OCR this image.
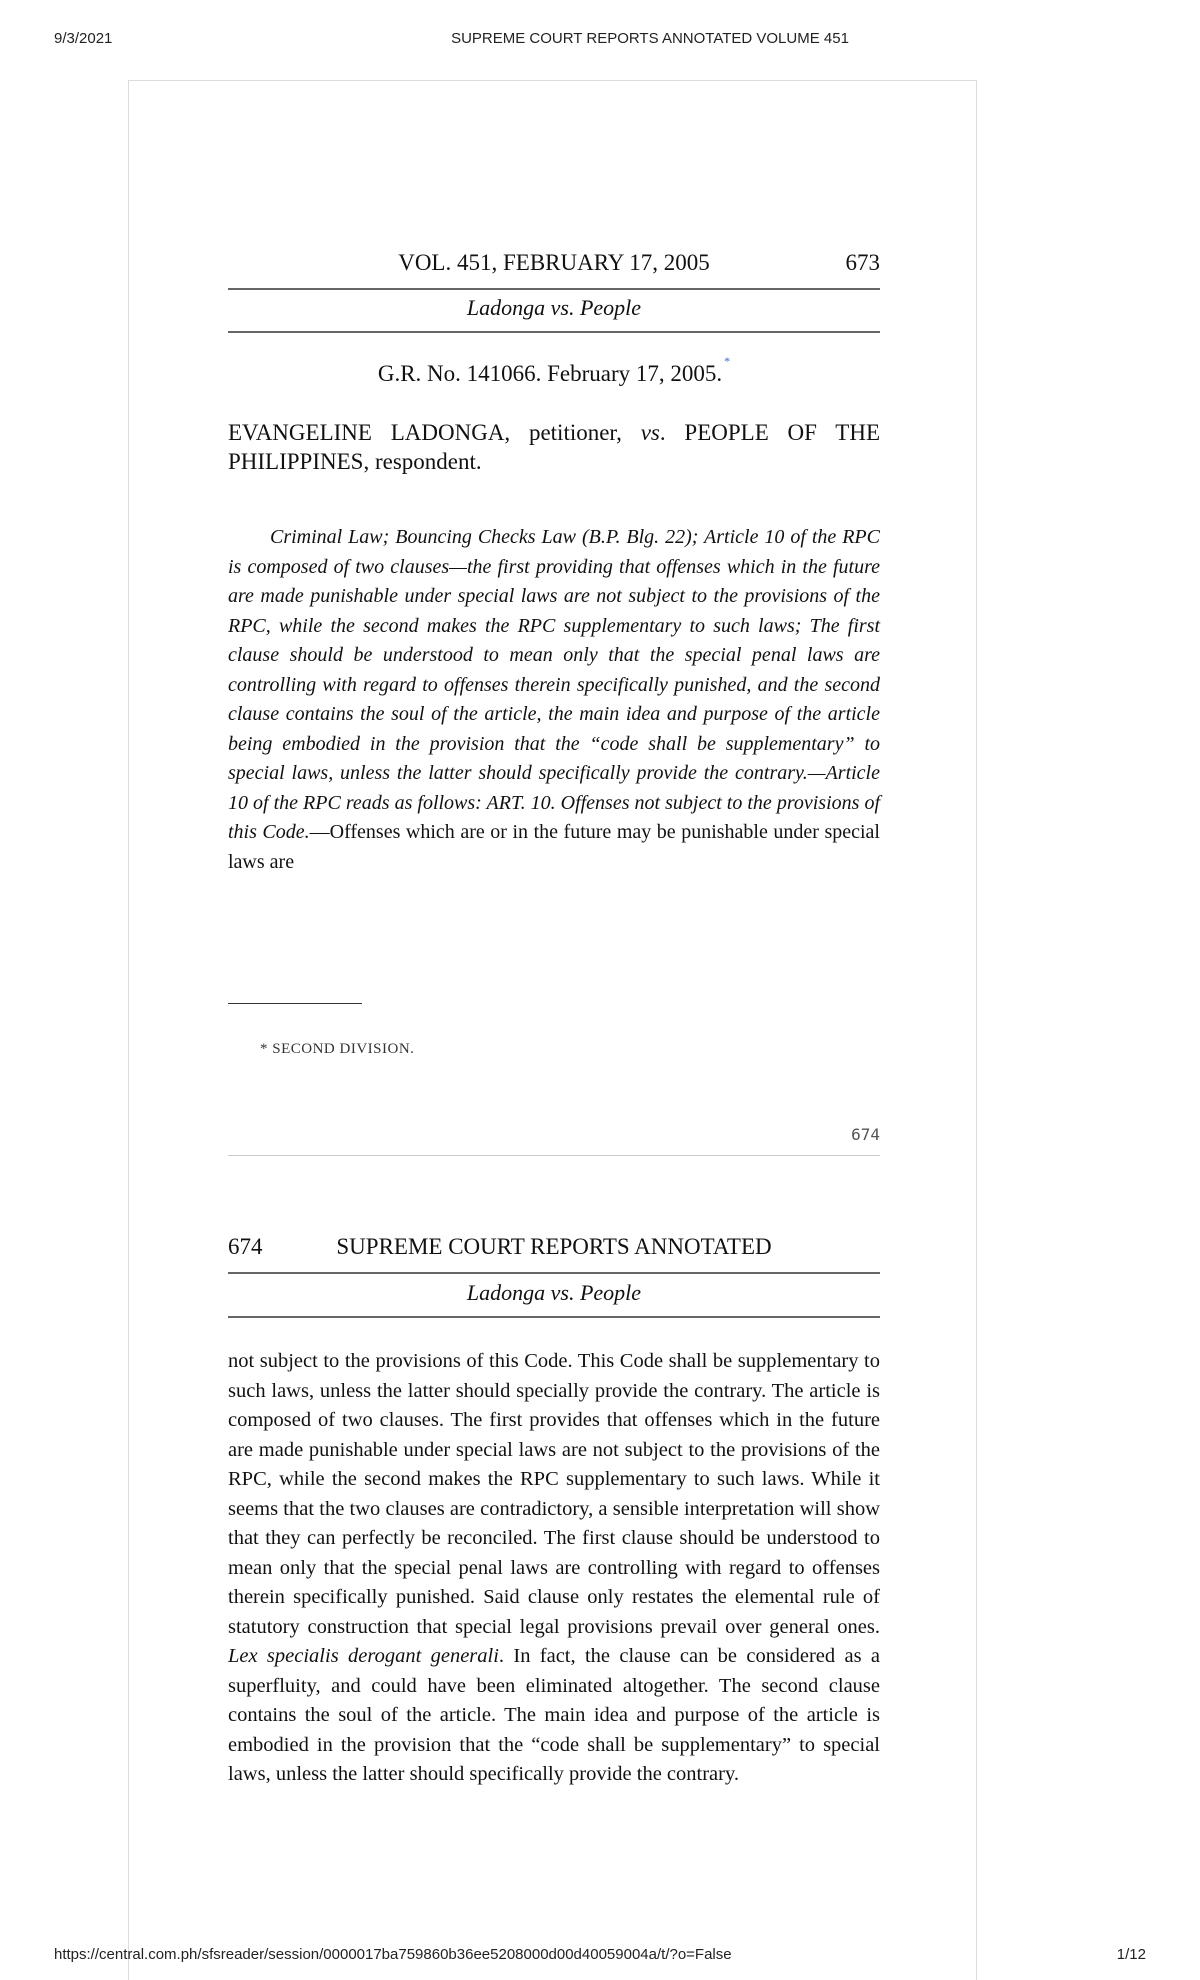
9/3/2021	SUPREME COURT REPORTS ANNOTATED VOLUME 451
VOL. 451, FEBRUARY 17, 2005	673
Ladonga vs. People
G.R. No. 141066. February 17, 2005. *
EVANGELINE LADONGA, petitioner, vs. PEOPLE OF THE PHILIPPINES, respondent.
Criminal Law; Bouncing Checks Law (B.P. Blg. 22); Article 10 of the RPC is composed of two clauses—the first providing that offenses which in the future are made punishable under special laws are not subject to the provisions of the RPC, while the second makes the RPC supplementary to such laws; The first clause should be understood to mean only that the special penal laws are controlling with regard to offenses therein specifically punished, and the second clause contains the soul of the article, the main idea and purpose of the article being embodied in the provision that the “code shall be supplementary” to special laws, unless the latter should specifically provide the contrary.—Article 10 of the RPC reads as follows: ART. 10. Offenses not subject to the provisions of this Code.—Offenses which are or in the future may be punishable under special laws are
* SECOND DIVISION.
674
674	SUPREME COURT REPORTS ANNOTATED
Ladonga vs. People
not subject to the provisions of this Code. This Code shall be supplementary to such laws, unless the latter should specially provide the contrary. The article is composed of two clauses. The first provides that offenses which in the future are made punishable under special laws are not subject to the provisions of the RPC, while the second makes the RPC supplementary to such laws. While it seems that the two clauses are contradictory, a sensible interpretation will show that they can perfectly be reconciled. The first clause should be understood to mean only that the special penal laws are controlling with regard to offenses therein specifically punished. Said clause only restates the elemental rule of statutory construction that special legal provisions prevail over general ones. Lex specialis derogant generali. In fact, the clause can be considered as a superfluity, and could have been eliminated altogether. The second clause contains the soul of the article. The main idea and purpose of the article is embodied in the provision that the “code shall be supplementary” to special laws, unless the latter should specifically provide the contrary.
https://central.com.ph/sfsreader/session/0000017ba759860b36ee5208000d00d40059004a/t/?o=False	1/12
